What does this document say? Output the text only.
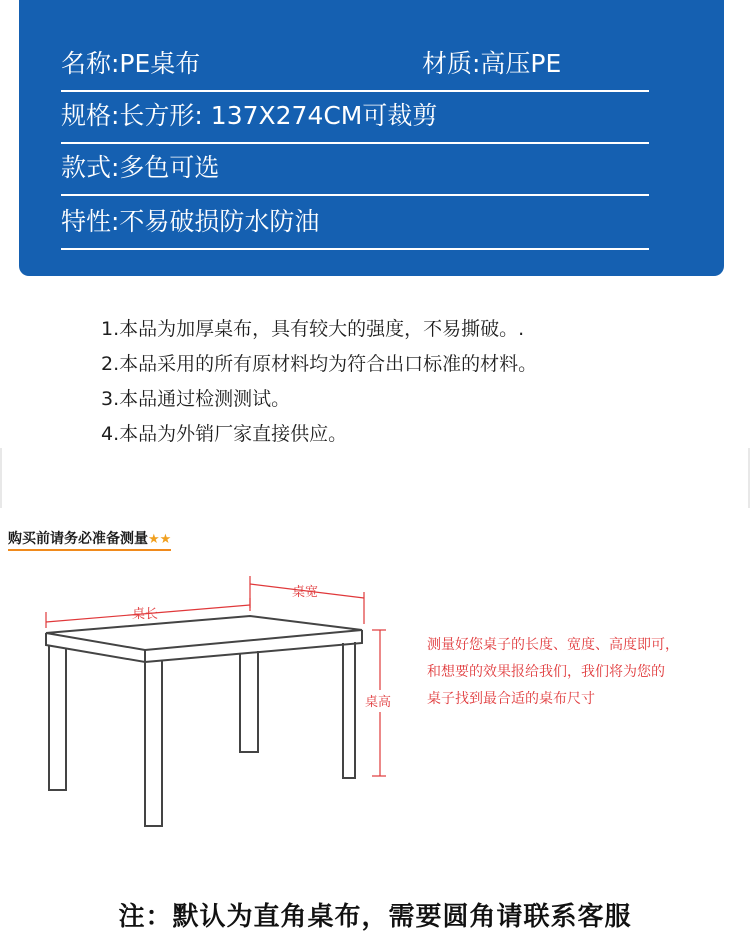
名称:PE桌布	材质:高压PE
规格:长方形: 137X274CM可裁剪
款式:多色可选
特性:不易破损防水防油
1.本品为加厚桌布，具有较大的强度，不易撕破。.
2.本品采用的所有原材料均为符合出口标准的材料。
3.本品通过检测测试。
4.本品为外销厂家直接供应。
购买前请务必准备测量★★
桌宽
桌长
桌高
测量好您桌子的长度、宽度、高度即可，
和想要的效果报给我们，我们将为您的
桌子找到最合适的桌布尺寸
注：默认为直角桌布，需要圆角请联系客服
